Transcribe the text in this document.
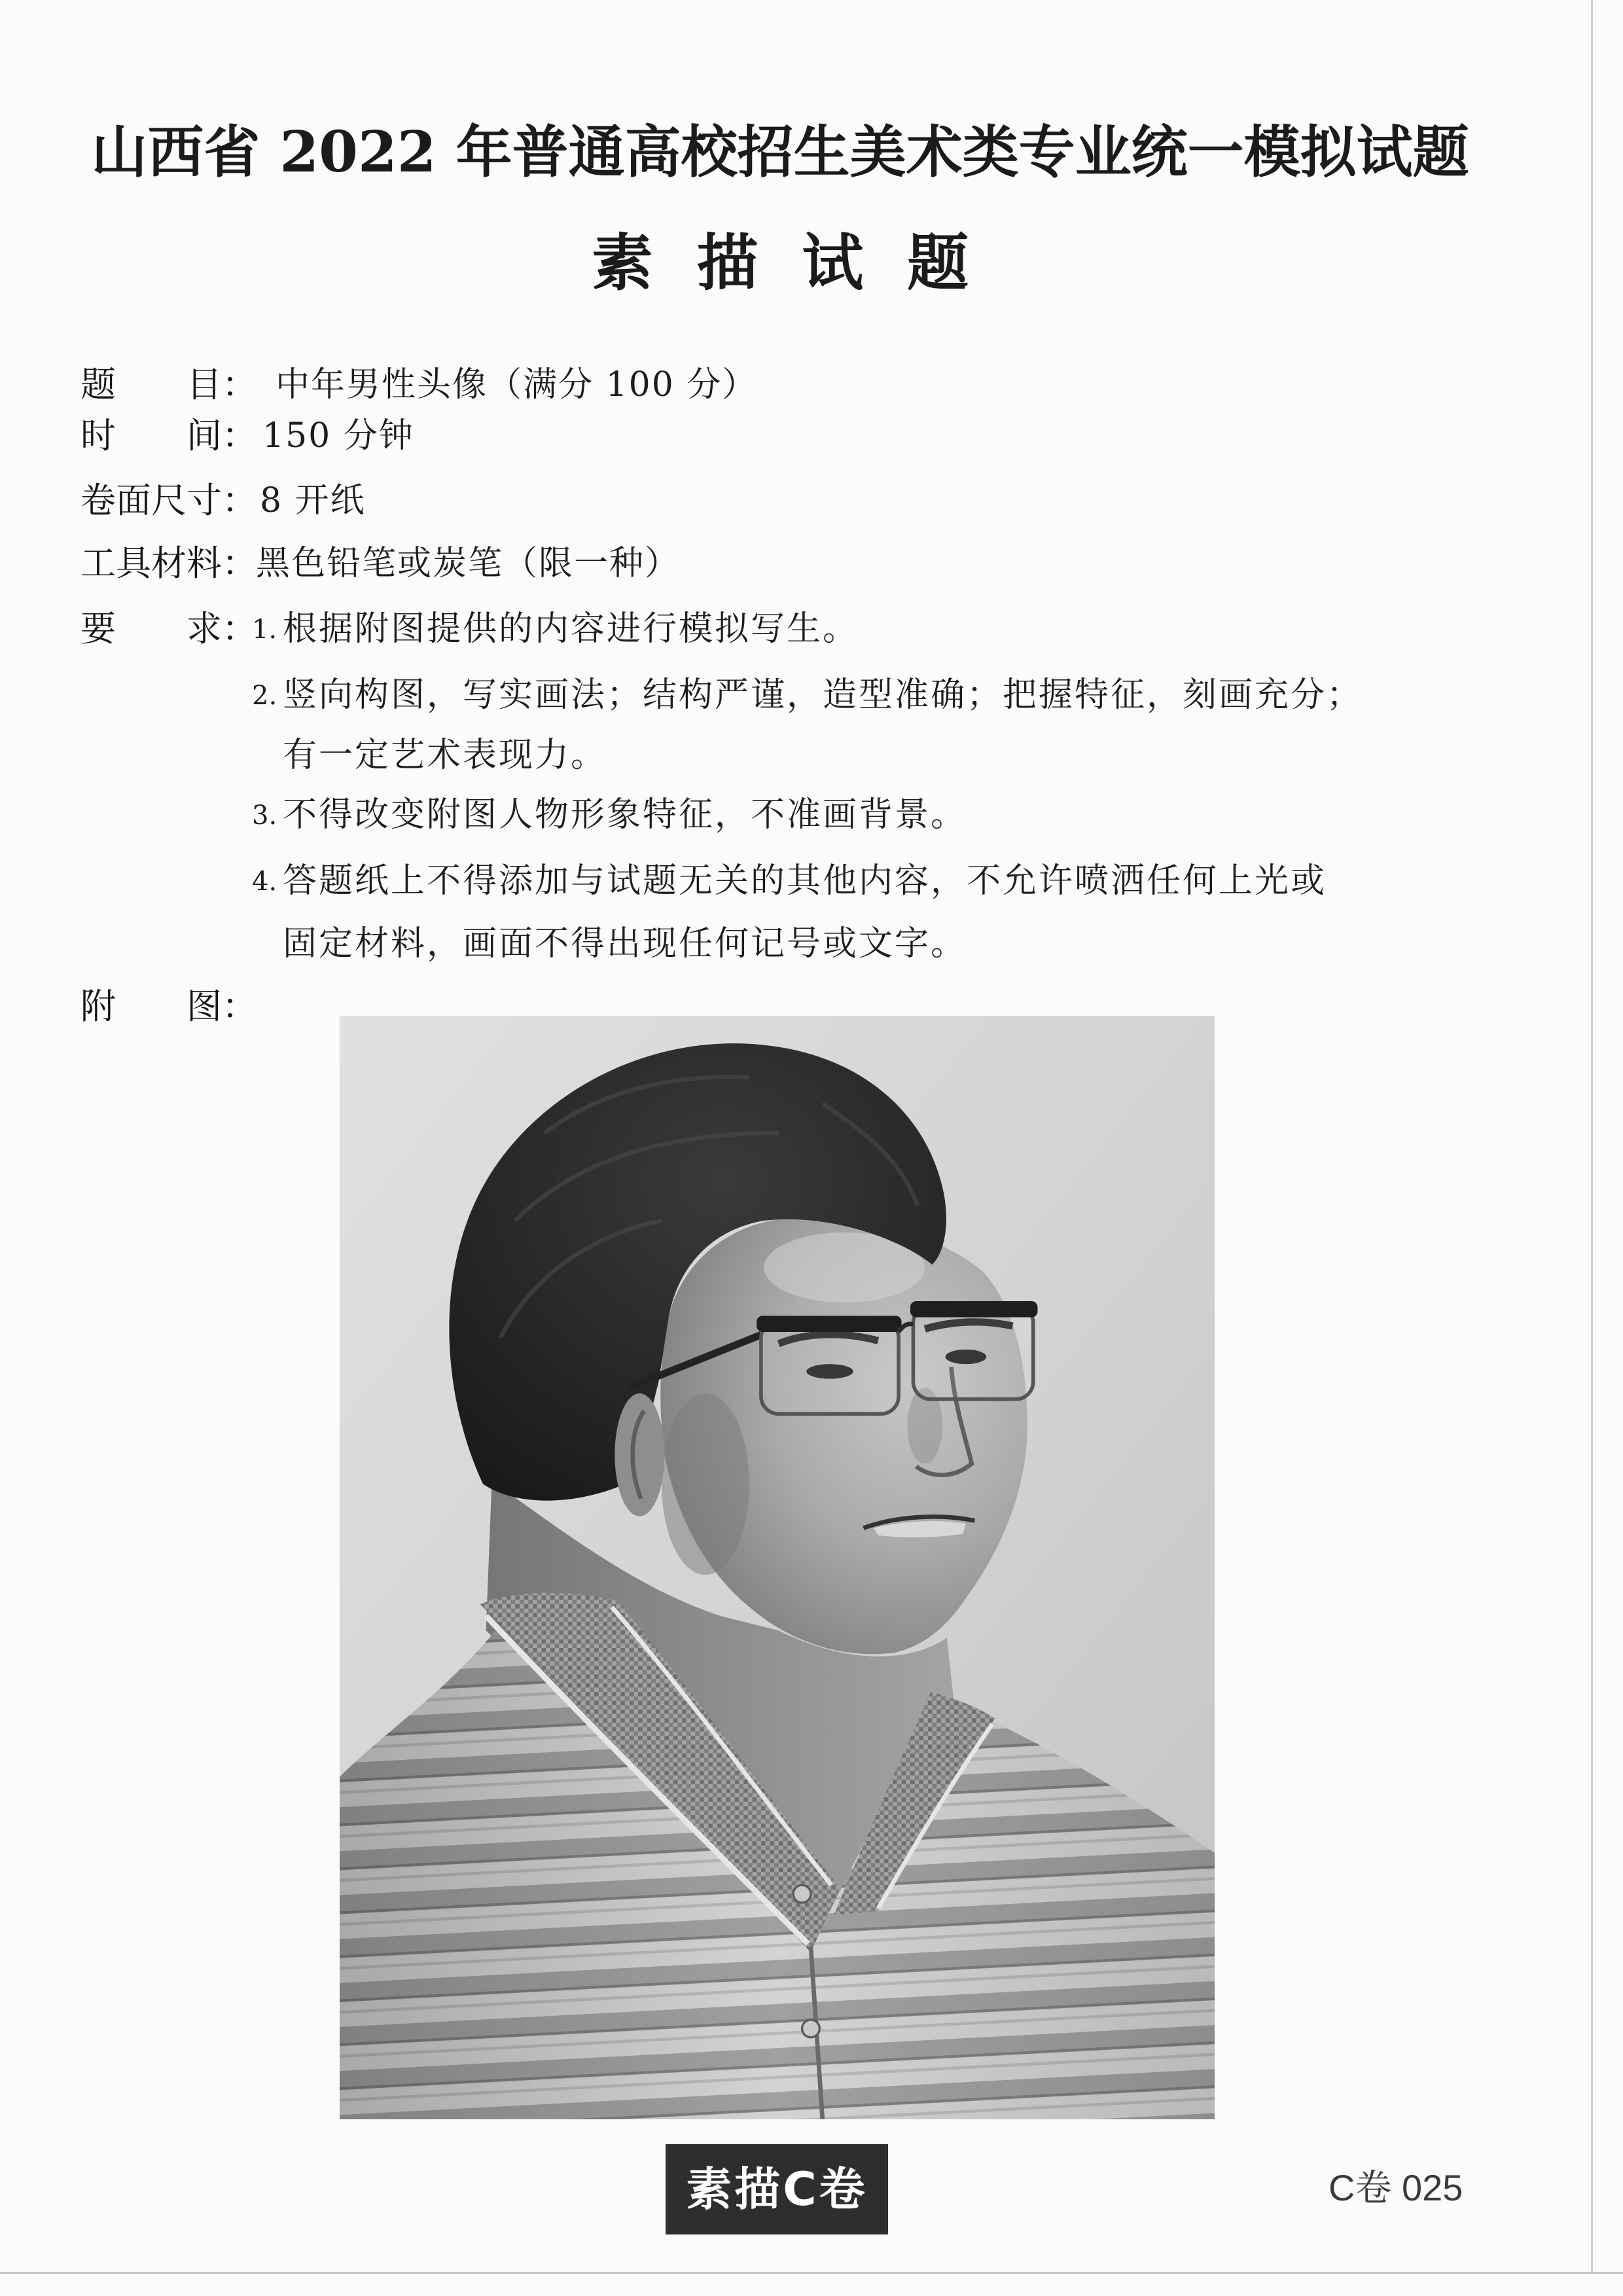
山西省 2022 年普通高校招生美术类专业统一模拟试题
素 描 试 题
题　　目： 中年男性头像（满分 100 分）
时　　间： 150 分钟
卷面尺寸：8 开纸
工具材料：黑色铅笔或炭笔（限一种）
要　　求：
1. 根据附图提供的内容进行模拟写生。
2. 竖向构图，写实画法；结构严谨，造型准确；把握特征，刻画充分；
有一定艺术表现力。
3. 不得改变附图人物形象特征，不准画背景。
4. 答题纸上不得添加与试题无关的其他内容，不允许喷洒任何上光或
固定材料，画面不得出现任何记号或文字。
附　　图：
素描C卷	C卷 025
